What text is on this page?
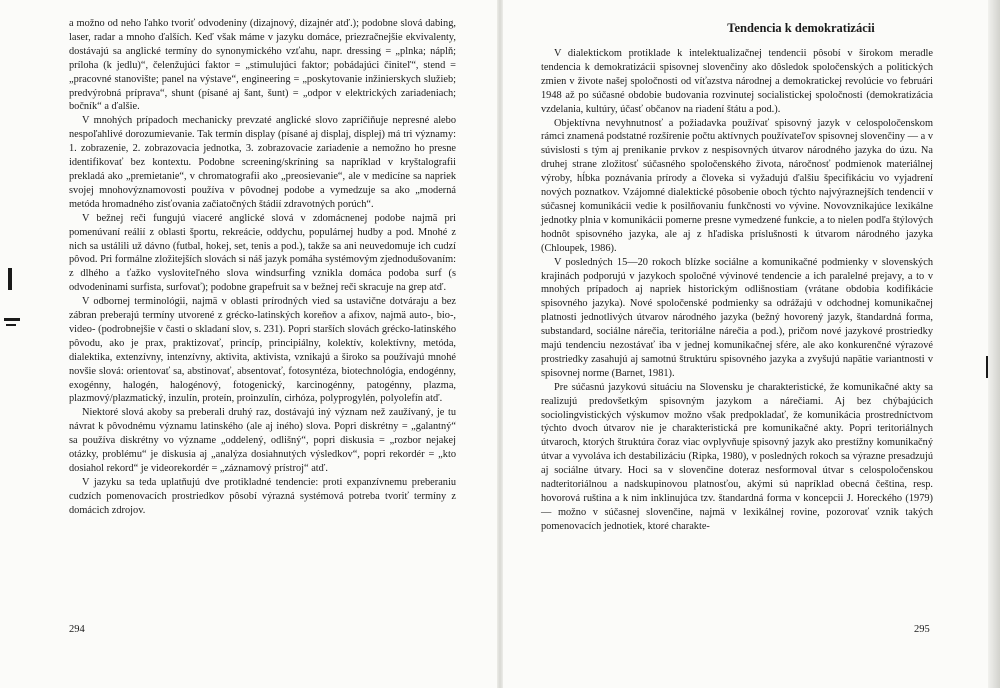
a možno od neho ľahko tvoriť odvodeniny (dizajnový, dizajnér atď.); podobne slová dabing, laser, radar a mnoho ďalších. Keď však máme v jazyku domáce, priezračnejšie ekvivalenty, dostávajú sa anglické termíny do synonymického vzťahu, napr. dressing = „plnka; náplň; príloha (k jedlu)“, čelenžujúci faktor = „stimulujúci faktor; pobádajúci činiteľ“, stend = „pracovné stanovište; panel na výstave“, engineering = „poskytovanie inžinierskych služieb; predvýrobná príprava“, shunt (písané aj šant, šunt) = „odpor v elektrických zariadeniach; bočník“ a ďalšie.

V mnohých prípadoch mechanicky prevzaté anglické slovo zapríčiňuje nepresné alebo nespoľahlivé dorozumievanie. Tak termín display (písané aj displaj, displej) má tri významy: 1. zobrazenie, 2. zobrazovacia jednotka, 3. zobrazovacie zariadenie a nemožno ho presne identifikovať bez kontextu. Podobne screening/skríning sa napríklad v kryštalografii prekladá ako „premietanie“, v chromatografii ako „preosievanie“, ale v medicíne sa napriek svojej mnohovýznamovosti používa v pôvodnej podobe a vymedzuje sa ako „moderná metóda hromadného zisťovania začiatočných štádií zdravotných porúch“.

V bežnej reči fungujú viaceré anglické slová v zdomácnenej podobe najmä pri pomenúvaní reálií z oblasti športu, rekreácie, oddychu, populárnej hudby a pod. Mnohé z nich sa ustálili už dávno (futbal, hokej, set, tenis a pod.), takže sa ani neuvedomuje ich cudzí pôvod. Pri formálne zložitejších slovách si náš jazyk pomáha systémovým zjednodušovaním: z dlhého a ťažko vysloviteľného slova windsurfing vznikla domáca podoba surf (s odvodeninami surfista, surfovať); podobne grapefruit sa v bežnej reči skracuje na grep atď.

V odbornej terminológii, najmä v oblasti prírodných vied sa ustavične dotváraju a bez zábran preberajú termíny utvorené z grécko-latinských koreňov a afixov, najmä auto-, bio-, video- (podrobnejšie v časti o skladaní slov, s. 231). Popri starších slovách grécko-latinského pôvodu, ako je prax, praktizovať, princíp, principiálny, kolektív, kolektívny, metóda, dialektika, extenzívny, intenzívny, aktivita, aktivista, vznikajú a široko sa používajú mnohé novšie slová: orientovať sa, abstinovať, absentovať, fotosyntéza, biotechnológia, endogénny, exogénny, halogén, halogénový, fotogenický, karcinogénny, patogénny, plazma, plazmový/plazmatický, inzulín, proteín, proinzulín, cirhóza, polyprogylén, polyolefín atď.

Niektoré slová akoby sa preberali druhý raz, dostávajú iný význam než zaužívaný, je tu návrat k pôvodnému významu latinského (ale aj iného) slova. Popri diskrétny = „galantný“ sa používa diskrétny vo význame „oddelený, odlišný“, popri diskusia = „rozbor nejakej otázky, problému“ je diskusia aj „analýza dosiahnutých výsledkov“, popri rekordér = „kto dosiahol rekord“ je videorekordér = „záznamový prístroj“ atď.

V jazyku sa teda uplatňujú dve protikladné tendencie: proti expanzívnemu preberaniu cudzích pomenovacích prostriedkov pôsobí výrazná systémová potreba tvoriť termíny z domácich zdrojov.

294
Tendencia k demokratizácii

V dialektickom protiklade k intelektualizačnej tendencii pôsobí v širokom meradle tendencia k demokratizácii spisovnej slovenčiny ako dôsledok spoločenských a politických zmien v živote našej spoločnosti od víťazstva národnej a demokratickej revolúcie vo februári 1948 až po súčasné obdobie budovania rozvinutej socialistickej spoločnosti (demokratizácia vzdelania, kultúry, účasť občanov na riadení štátu a pod.).

Objektívna nevyhnutnosť a požiadavka používať spisovný jazyk v celospoločenskom rámci znamená podstatné rozšírenie počtu aktívnych používateľov spisovnej slovenčiny — a v súvislosti s tým aj prenikanie prvkov z nespisovných útvarov národného jazyka do úzu. Na druhej strane zložitosť súčasného spoločenského života, náročnosť podmienok materiálnej výroby, hĺbka poznávania prírody a človeka si vyžadujú ďalšiu špecifikáciu vo vyjadrení nových poznatkov. Vzájomné dialektické pôsobenie oboch týchto najvýraznejších tendencií v súčasnej komunikácii vedie k posilňovaniu funkčnosti vo vývine. Novovznikajúce lexikálne jednotky plnia v komunikácii pomerne presne vymedzené funkcie, a to nielen podľa štýlových hodnôt spisovného jazyka, ale aj z hľadiska príslušnosti k útvarom národného jazyka (Chloupek, 1986).

V posledných 15—20 rokoch blízke sociálne a komunikačné podmienky v slovenských krajinách podporujú v jazykoch spoločné vývinové tendencie a ich paralelné prejavy, a to v mnohých prípadoch aj napriek historickým odlišnostiam (vrátane obdobia kodifikácie spisovného jazyka). Nové spoločenské podmienky sa odrážajú v odchodnej komunikačnej platnosti jednotlivých útvarov národného jazyka (bežný hovorený jazyk, štandardná forma, substandard, sociálne nárečia, teritoriálne nárečia a pod.), pričom nové jazykové prostriedky majú tendenciu nezostávať iba v jednej komunikačnej sfére, ale ako konkurenčné výrazové prostriedky zasahujú aj samotnú štruktúru spisovného jazyka a zvyšujú napätie variantnosti v spisovnej norme (Barnet, 1981).

Pre súčasnú jazykovú situáciu na Slovensku je charakteristické, že komunikačné akty sa realizujú predovšetkým spisovným jazykom a nárečiami. Aj bez chýbajúcich sociolingvistických výskumov možno však predpokladať, že komunikácia prostredníctvom týchto dvoch útvarov nie je charakteristická pre komunikačné akty. Popri teritoriálnych útvaroch, ktorých štruktúra čoraz viac ovplyvňuje spisovný jazyk ako prestížny komunikačný útvar a vyvoláva ich destabilizáciu (Ripka, 1980), v posledných rokoch sa výrazne presadzujú aj sociálne útvary. Hoci sa v slovenčine doteraz nesformoval útvar s celospoločenskou nadteritoriálnou a nadskupinovou platnosťou, akými sú napríklad obecná čeština, resp. hovorová ruština a k nim inklinujúca tzv. štandardná forma v koncepcii J. Horeckého (1979) — možno v súčasnej slovenčine, najmä v lexikálnej rovine, pozorovať vznik takých pomenovacích jednotiek, ktoré charakte-

295
